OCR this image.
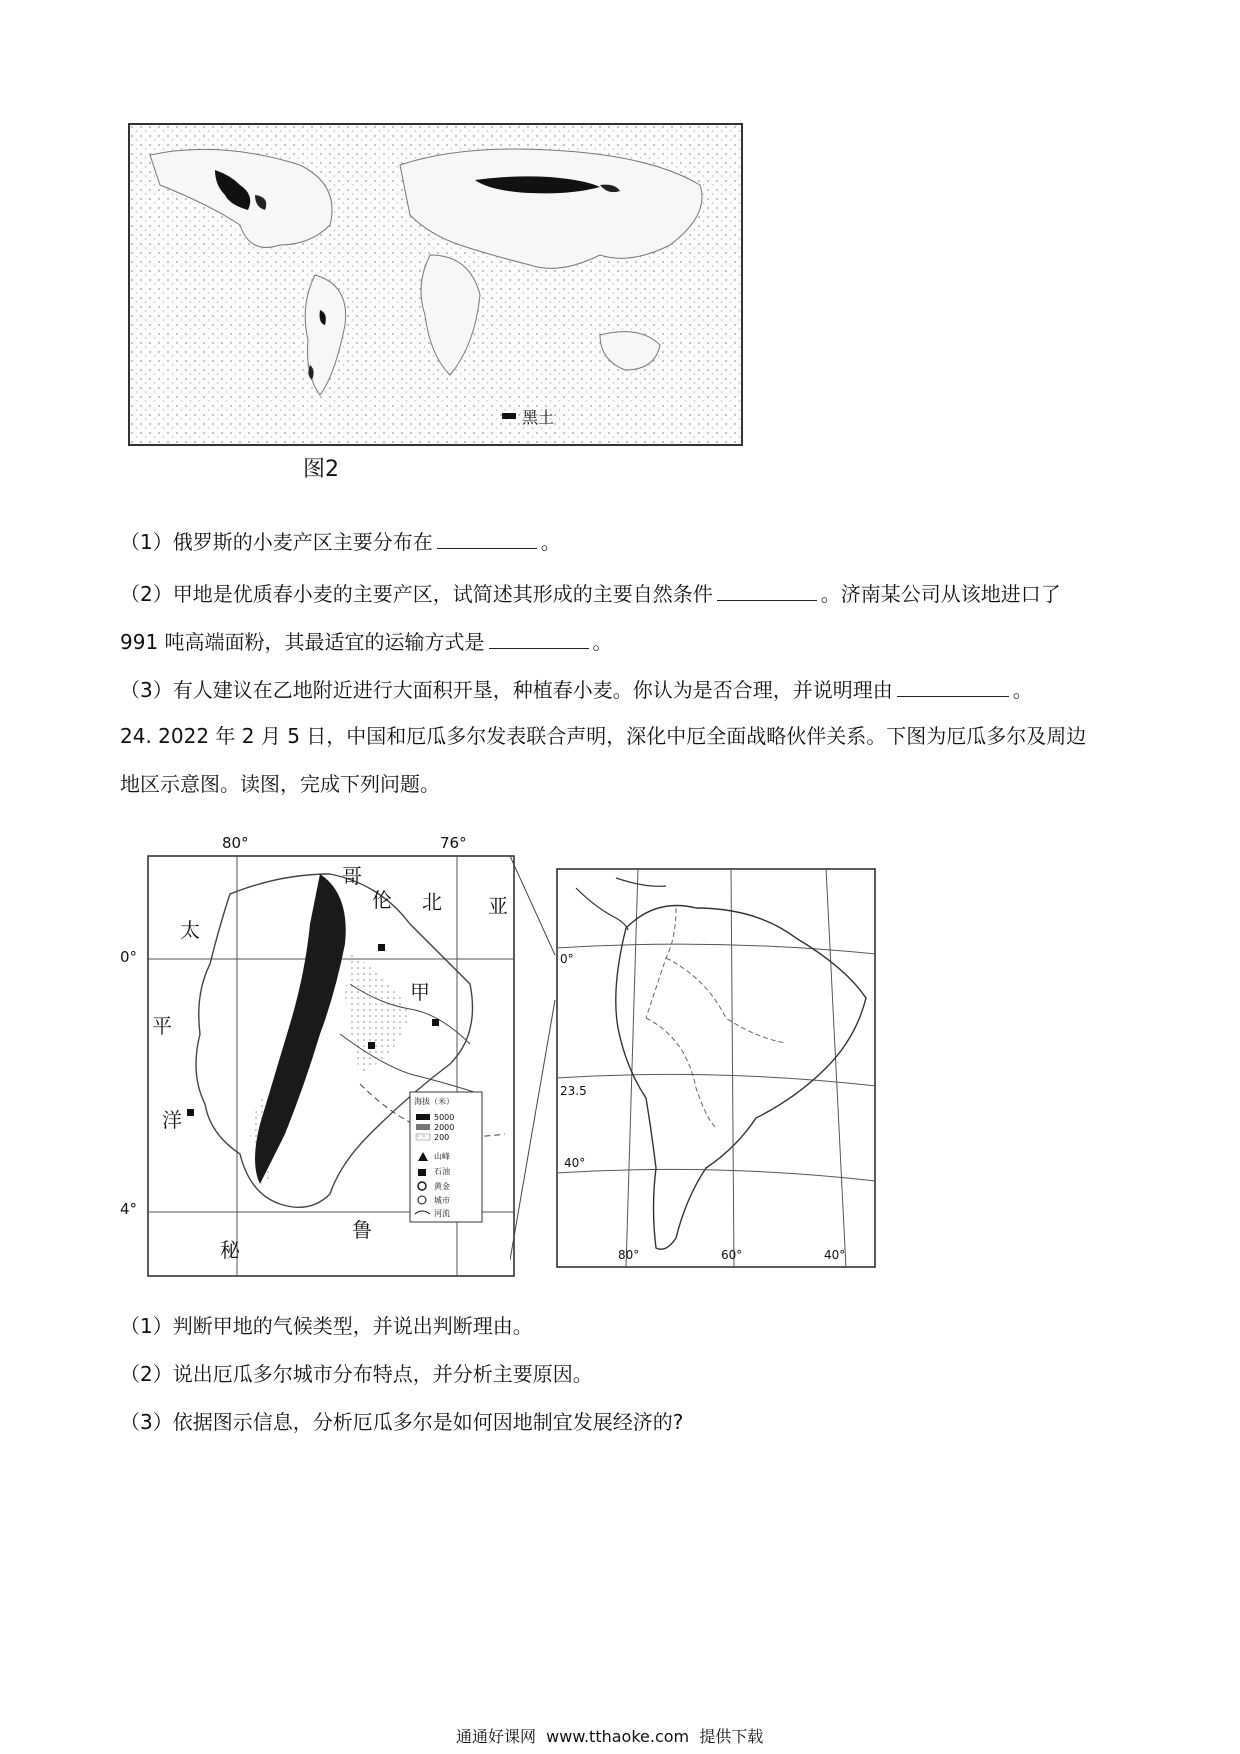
黑土
图2
（1）俄罗斯的小麦产区主要分布在	。
（2）甲地是优质春小麦的主要产区，试简述其形成的主要自然条件	。济南某公司从该地进口了
991 吨高端面粉，其最适宜的运输方式是	。
（3）有人建议在乙地附近进行大面积开垦，种植春小麦。你认为是否合理，并说明理由	。
24. 2022 年 2 月 5 日，中国和厄瓜多尔发表联合声明，深化中厄全面战略伙伴关系。下图为厄瓜多尔及周边
地区示意图。读图，完成下列问题。
80°	76°
0°
4°
哥
伦 北 亚
太
平
洋
甲
秘
鲁
海拔（米）
5000
2000
200
山峰
石油
黄金
城市
河流
0°
23.5
40°
80°	60°	40°
（1）判断甲地的气候类型，并说出判断理由。
（2）说出厄瓜多尔城市分布特点，并分析主要原因。
（3）依据图示信息，分析厄瓜多尔是如何因地制宜发展经济的?
通通好课网  www.tthaoke.com  提供下载
